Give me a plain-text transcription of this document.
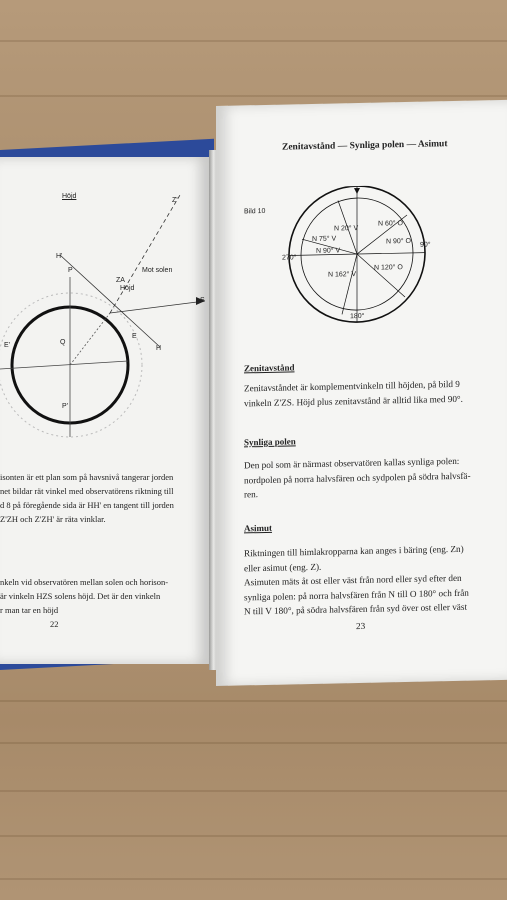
Höjd
Z'
S
H'
H
P
P'
E'
E
Q
ZA
Mot solen
Höjd
isonten är ett plan som på havsnivå tangerar jorden
net bildar rät vinkel med observatörens riktning till
d 8 på föregående sida är HH' en tangent till jorden
Z'ZH och Z'ZH' är räta vinklar.
nkeln vid observatören mellan solen och horison-
är vinkeln HZS solens höjd. Det är den vinkeln
r man tar en höjd
22
Zenitavstånd — Synliga polen — Asimut
Bild 10
N 20° V
N 60° O
N 90° O
N 75° V
N 90° V
N 162° V
N 120° O
90°
270°
180°
Zenitavstånd
Zenitavståndet är komplementvinkeln till höjden, på bild 9
vinkeln Z'ZS. Höjd plus zenitavstånd är alltid lika med 90°.
Synliga polen
Den pol som är närmast observatören kallas synliga polen:
nordpolen på norra halvsfären och sydpolen på södra halvsfä-
ren.
Asimut
Riktningen till himlakropparna kan anges i bäring (eng. Zn)
eller asimut (eng. Z).
Asimuten mäts åt ost eller väst från nord eller syd efter den
synliga polen: på norra halvsfären från N till O 180° och från
N till V 180°, på södra halvsfären från syd över ost eller väst
23
